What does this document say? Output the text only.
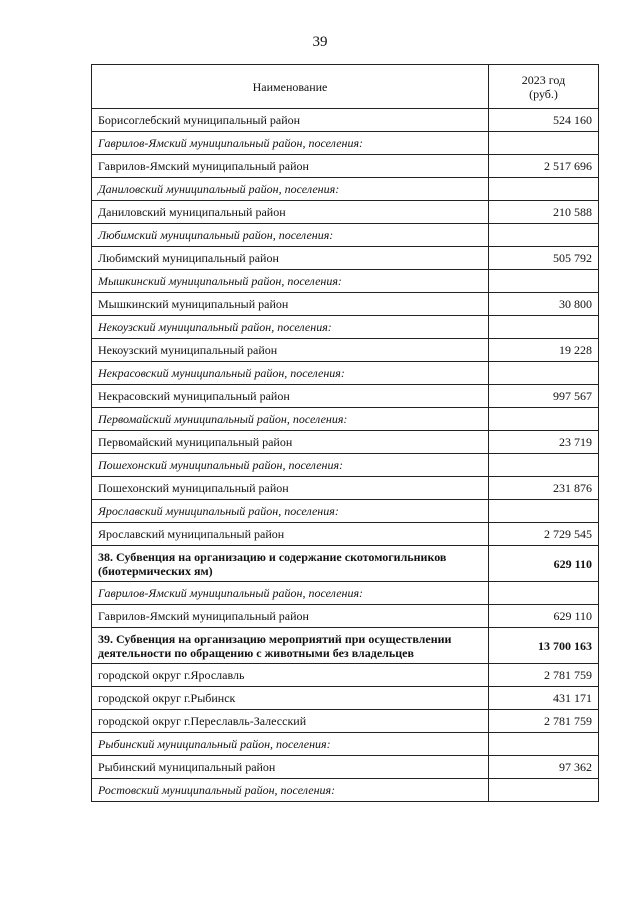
39
Наименование	2023 год
(руб.)
Борисоглебский муниципальный район	524 160
Гаврилов-Ямский муниципальный район, поселения:	
Гаврилов-Ямский муниципальный район	2 517 696
Даниловский муниципальный район, поселения:	
Даниловский муниципальный район	210 588
Любимский муниципальный район, поселения:	
Любимский муниципальный район	505 792
Мышкинский муниципальный район, поселения:	
Мышкинский муниципальный район	30 800
Некоузский муниципальный район, поселения:	
Некоузский муниципальный район	19 228
Некрасовский муниципальный район, поселения:	
Некрасовский муниципальный район	997 567
Первомайский муниципальный район, поселения:	
Первомайский муниципальный район	23 719
Пошехонский муниципальный район, поселения:	
Пошехонский муниципальный район	231 876
Ярославский муниципальный район, поселения:	
Ярославский муниципальный район	2 729 545
38. Субвенция на организацию и содержание скотомогильников (биотермических ям)	629 110
Гаврилов-Ямский муниципальный район, поселения:	
Гаврилов-Ямский муниципальный район	629 110
39. Субвенция на организацию мероприятий при осуществлении деятельности по обращению с животными без владельцев	13 700 163
городской округ г.Ярославль	2 781 759
городской округ г.Рыбинск	431 171
городской округ г.Переславль-Залесский	2 781 759
Рыбинский муниципальный район, поселения:	
Рыбинский муниципальный район	97 362
Ростовский муниципальный район, поселения:	
